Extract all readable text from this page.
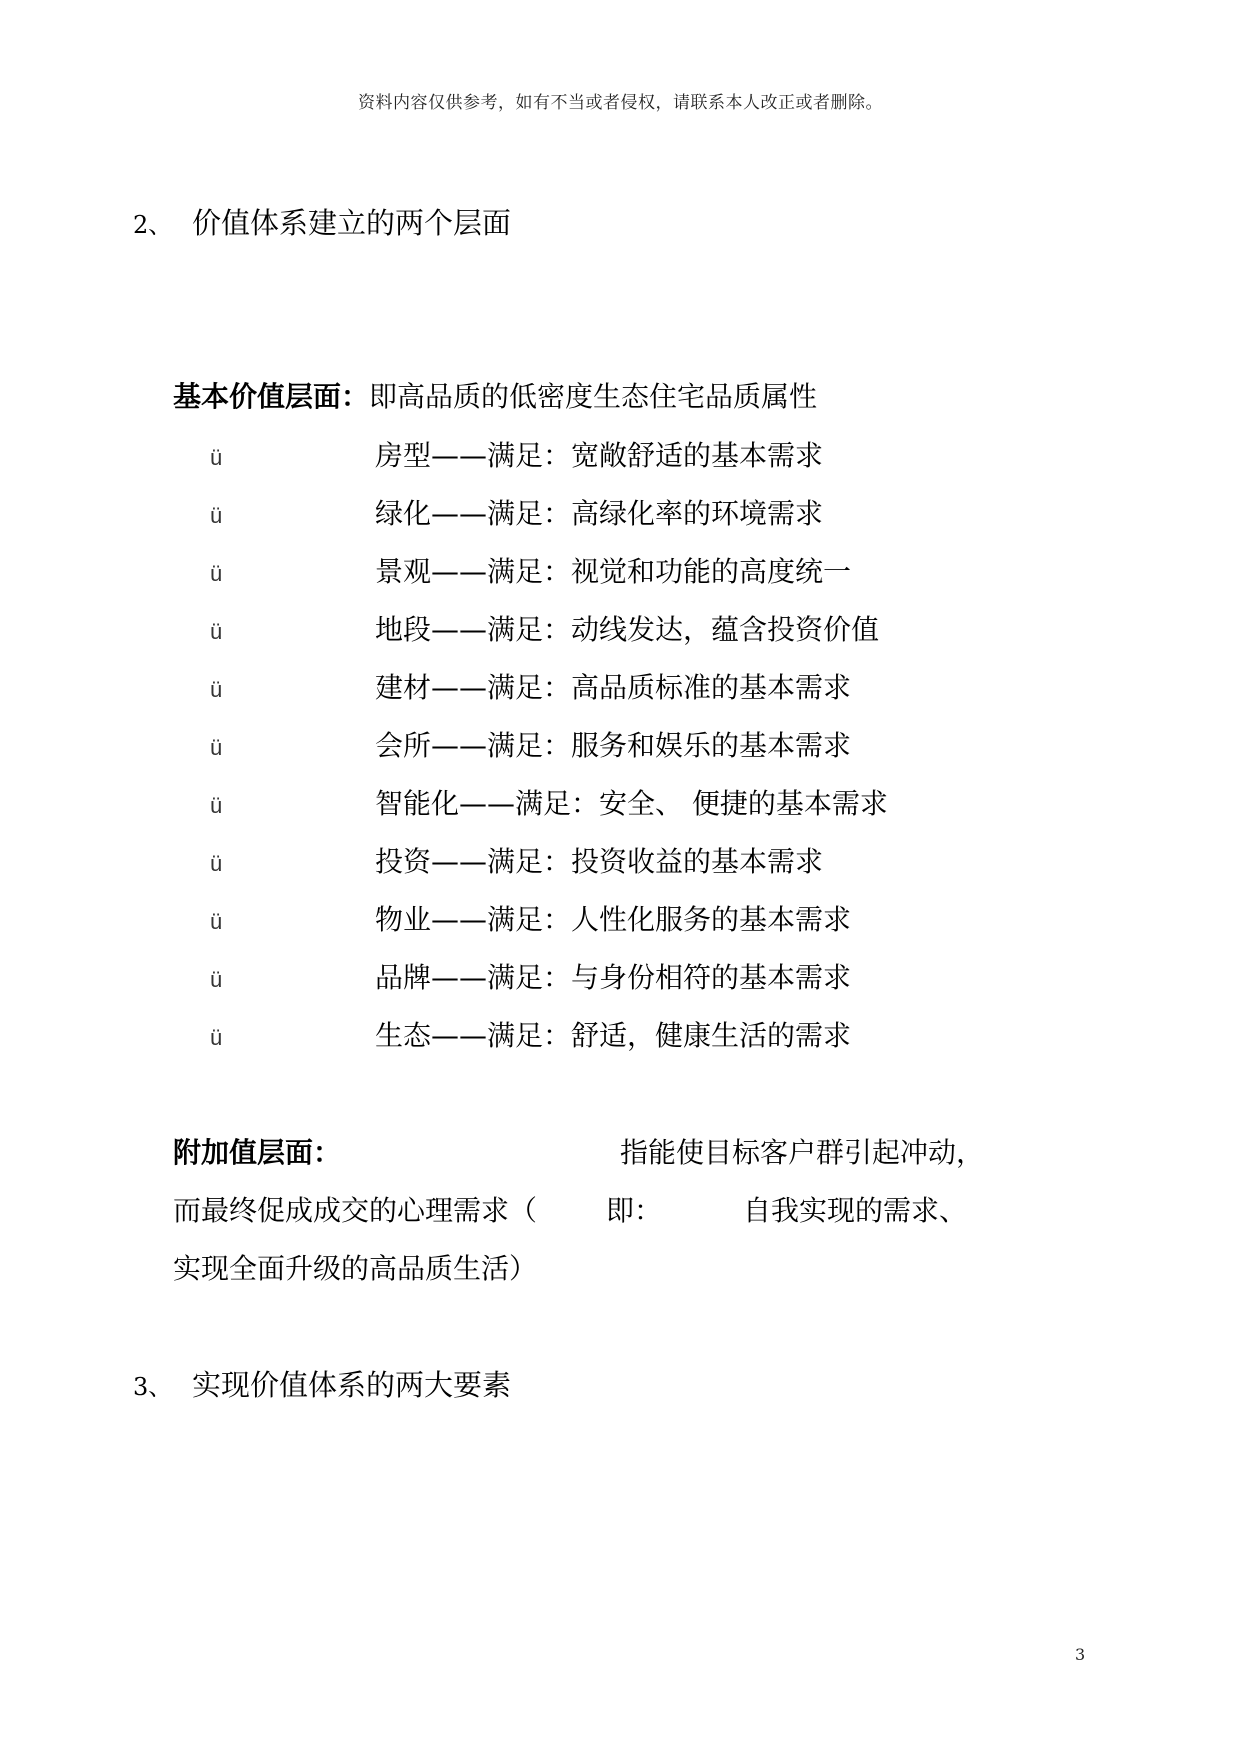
资料内容仅供参考，如有不当或者侵权，请联系本人改正或者删除。
2、 价值体系建立的两个层面
基本价值层面：即高品质的低密度生态住宅品质属性
ü	房型——满足：宽敞舒适的基本需求
ü	绿化——满足：高绿化率的环境需求
ü	景观——满足：视觉和功能的高度统一
ü	地段——满足：动线发达，蕴含投资价值
ü	建材——满足：高品质标准的基本需求
ü	会所——满足：服务和娱乐的基本需求
ü	智能化——满足：安全、 便捷的基本需求
ü	投资——满足：投资收益的基本需求
ü	物业——满足：人性化服务的基本需求
ü	品牌——满足：与身份相符的基本需求
ü	生态——满足：舒适，健康生活的需求
附加值层面：	指能使目标客户群引起冲动，
而最终促成成交的心理需求（ 即：	自我实现的需求、
实现全面升级的高品质生活）
3、 实现价值体系的两大要素
3
